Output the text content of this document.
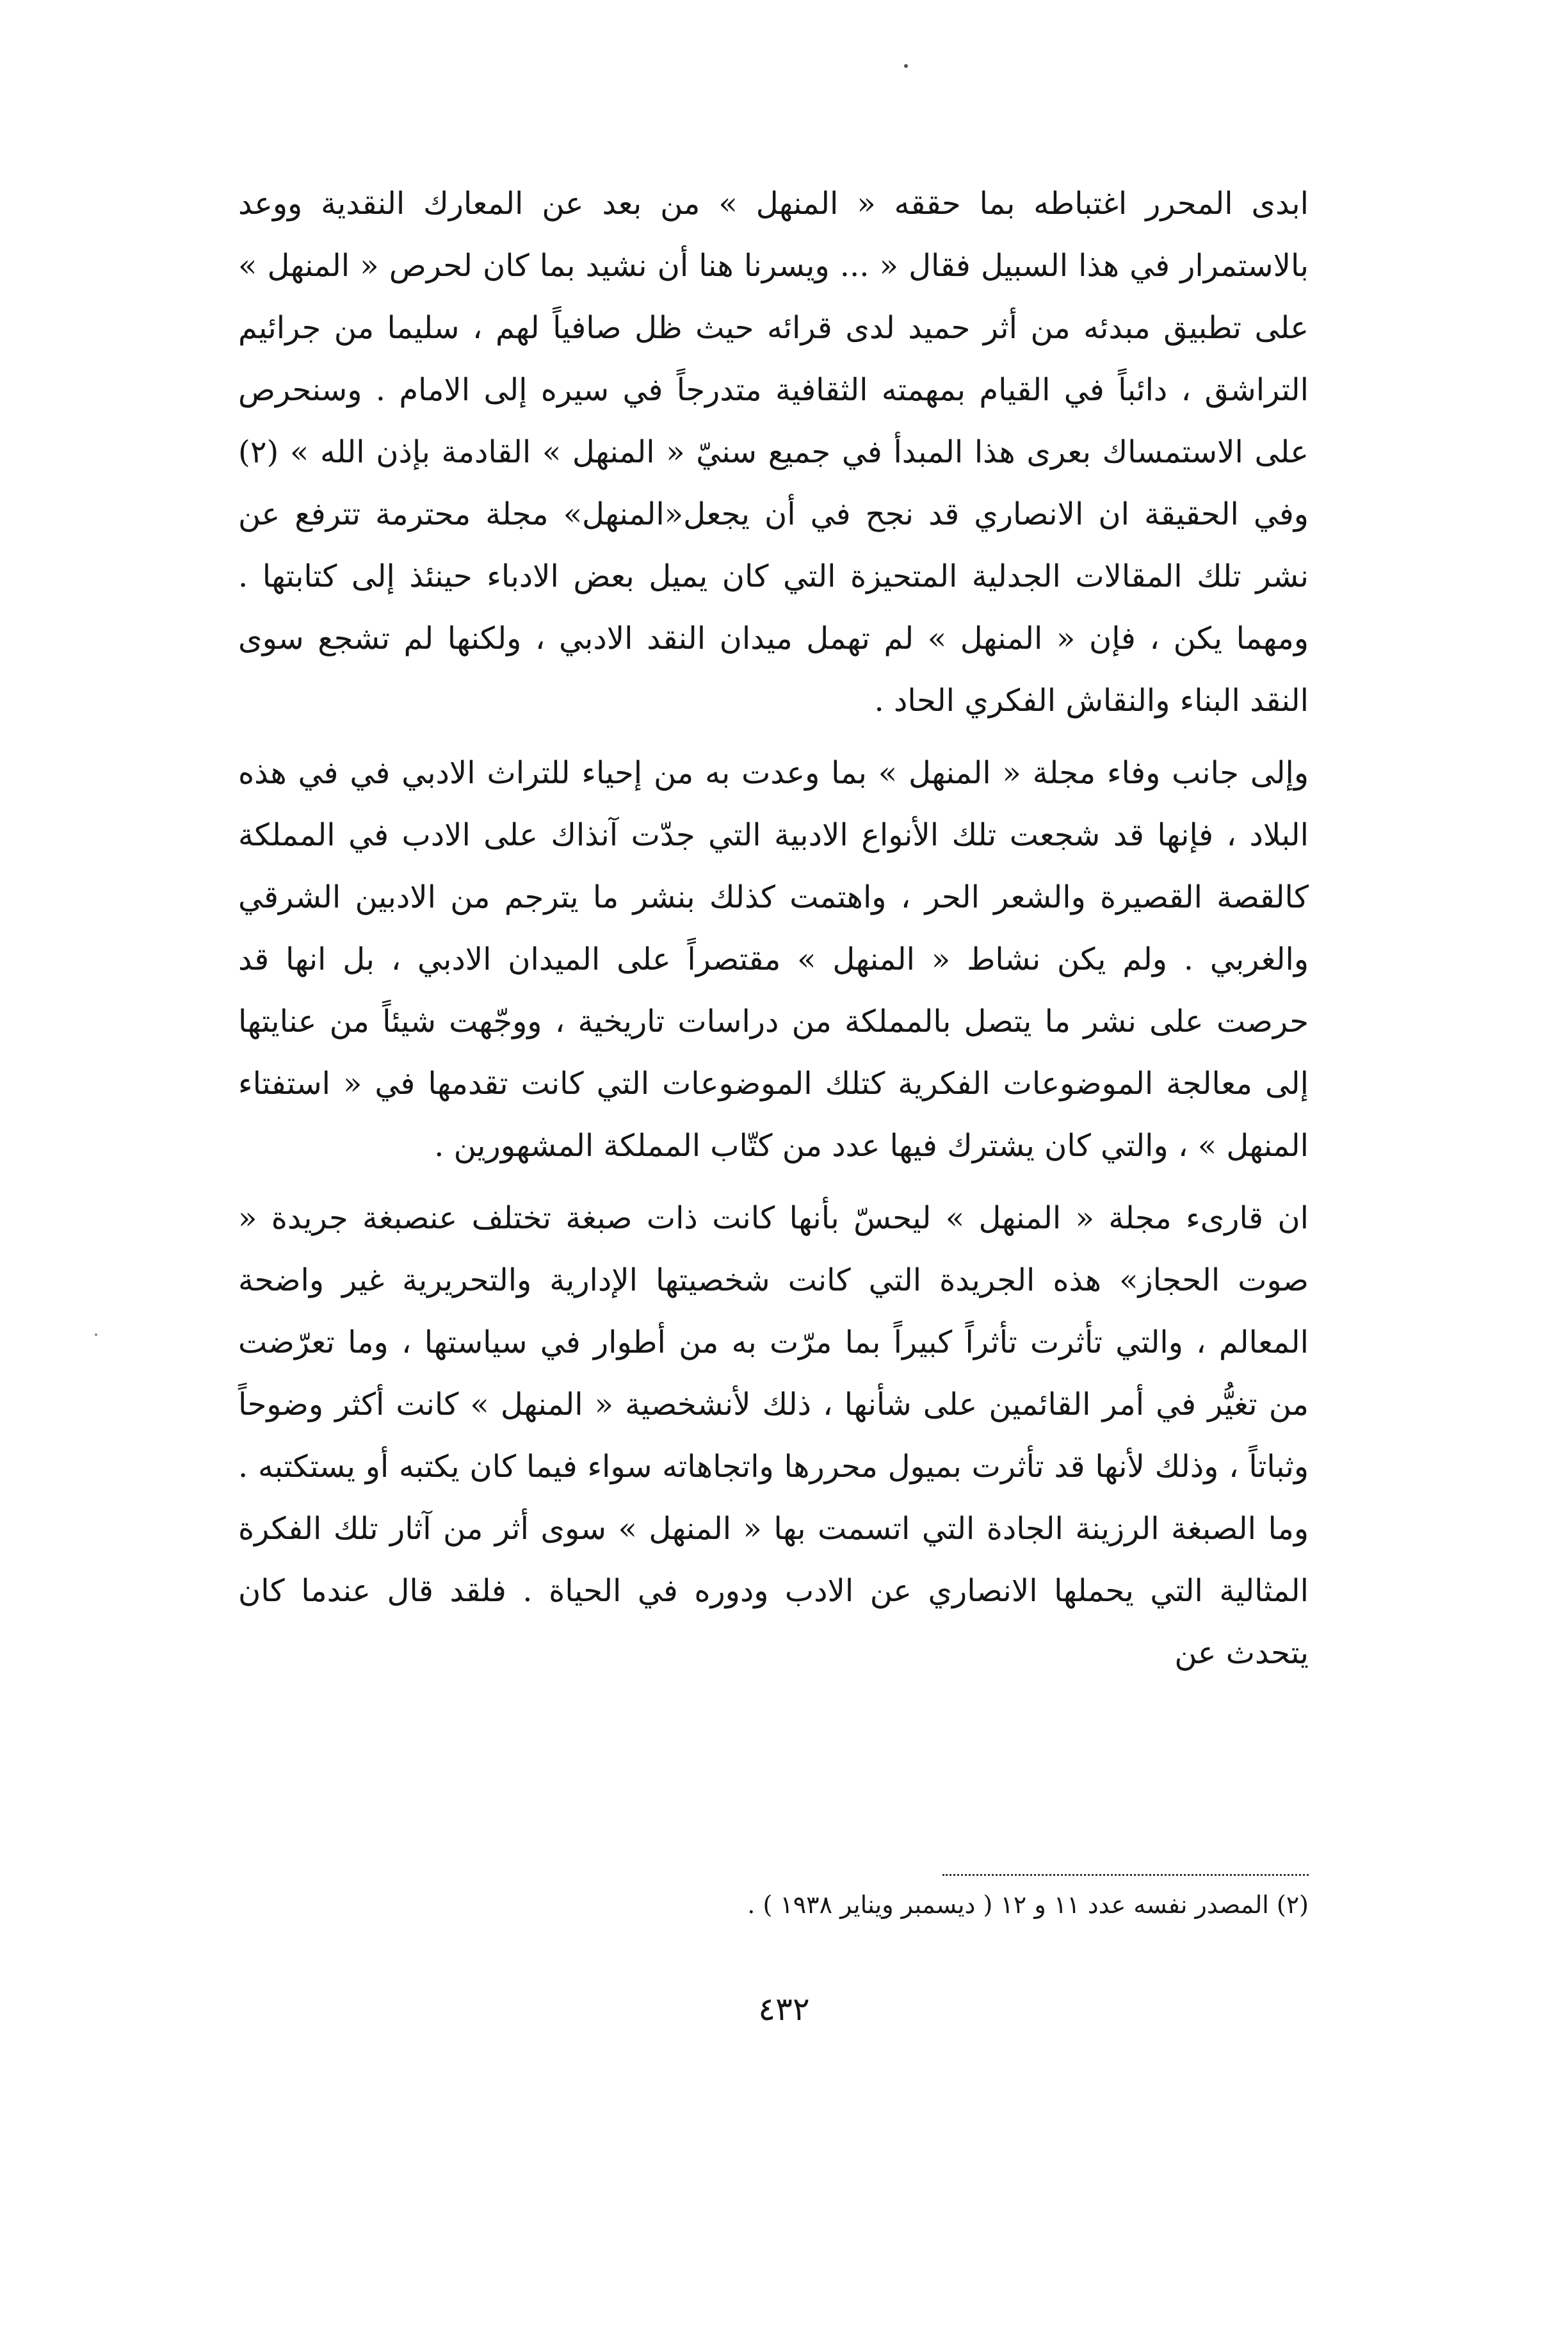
ابدى المحرر اغتباطه بما حققه « المنهل » من بعد عن المعارك النقدية ووعد بالاستمرار في هذا السبيل فقال « ... ويسرنا هنا أن نشيد بما كان لحرص « المنهل » على تطبيق مبدئه من أثر حميد لدى قرائه حيث ظل صافياً لهم ، سليما من جرائيم التراشق ، دائباً في القيام بمهمته الثقافية متدرجاً في سيره إلى الامام . وسنحرص على الاستمساك بعرى هذا المبدأ في جميع سنيّ « المنهل » القادمة بإذن الله » (٢) وفي الحقيقة ان الانصاري قد نجح في أن يجعل«المنهل» مجلة محترمة تترفع عن نشر تلك المقالات الجدلية المتحيزة التي كان يميل بعض الادباء حينئذ إلى كتابتها . ومهما يكن ، فإن « المنهل » لم تهمل ميدان النقد الادبي ، ولكنها لم تشجع سوى النقد البناء والنقاش الفكري الحاد .

وإلى جانب وفاء مجلة « المنهل » بما وعدت به من إحياء للتراث الادبي في في هذه البلاد ، فإنها قد شجعت تلك الأنواع الادبية التي جدّت آنذاك على الادب في المملكة كالقصة القصيرة والشعر الحر ، واهتمت كذلك بنشر ما يترجم من الادبين الشرقي والغربي . ولم يكن نشاط « المنهل » مقتصراً على الميدان الادبي ، بل انها قد حرصت على نشر ما يتصل بالمملكة من دراسات تاريخية ، ووجّهت شيئاً من عنايتها إلى معالجة الموضوعات الفكرية كتلك الموضوعات التي كانت تقدمها في « استفتاء المنهل » ، والتي كان يشترك فيها عدد من كتّاب المملكة المشهورين .

ان قارىء مجلة « المنهل » ليحسّ بأنها كانت ذات صبغة تختلف عنصبغة جريدة « صوت الحجاز» هذه الجريدة التي كانت شخصيتها الإدارية والتحريرية غير واضحة المعالم ، والتي تأثرت تأثراً كبيراً بما مرّت به من أطوار في سياستها ، وما تعرّضت من تغيُّر في أمر القائمين على شأنها ، ذلك لأنشخصية « المنهل » كانت أكثر وضوحاً وثباتاً ، وذلك لأنها قد تأثرت بميول محررها واتجاهاته سواء فيما كان يكتبه أو يستكتبه . وما الصبغة الرزينة الجادة التي اتسمت بها « المنهل » سوى أثر من آثار تلك الفكرة المثالية التي يحملها الانصاري عن الادب ودوره في الحياة . فلقد قال عندما كان يتحدث عن

(٢) المصدر نفسه عدد ١١ و ١٢ ( ديسمبر ويناير ١٩٣٨ ) .

٤٣٢
